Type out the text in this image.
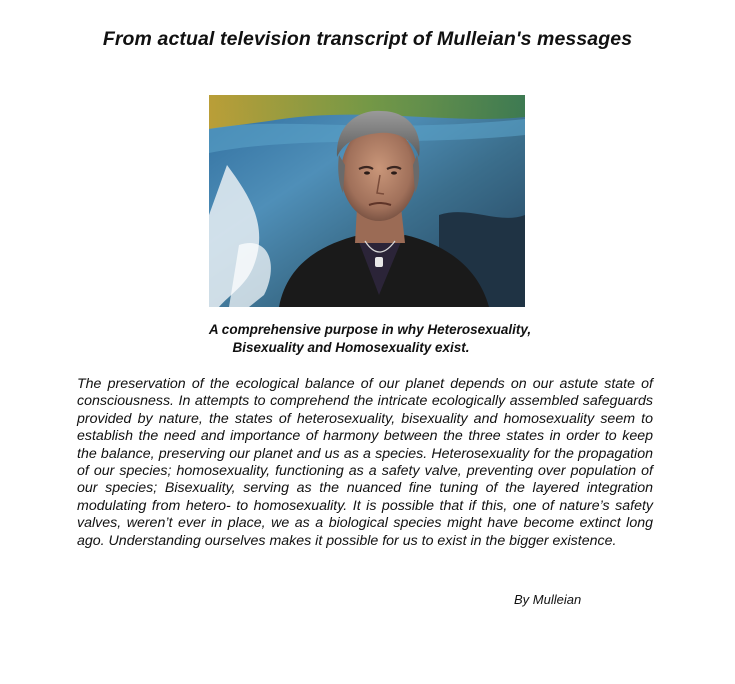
From actual television transcript of Mulleian's messages

A comprehensive purpose in why Heterosexuality,
Bisexuality and Homosexuality exist.

The preservation of the ecological balance of our planet depends on our astute state of consciousness. In attempts to comprehend the intricate ecologically assembled safeguards provided by nature, the states of heterosexuality, bisexuality and homosexuality seem to establish the need and importance of harmony between the three states in order to keep the balance, preserving our planet and us as a species. Heterosexuality for the propagation of our species; homosexuality, functioning as a safety valve, preventing over population of our species; Bisexuality, serving as the nuanced fine tuning of the layered integration modulating from hetero- to homosexuality. It is possible that if this, one of nature’s safety valves, weren’t ever in place, we as a biological species might have become extinct long ago. Understanding ourselves makes it possible for us to exist in the bigger existence.

By Mulleian
